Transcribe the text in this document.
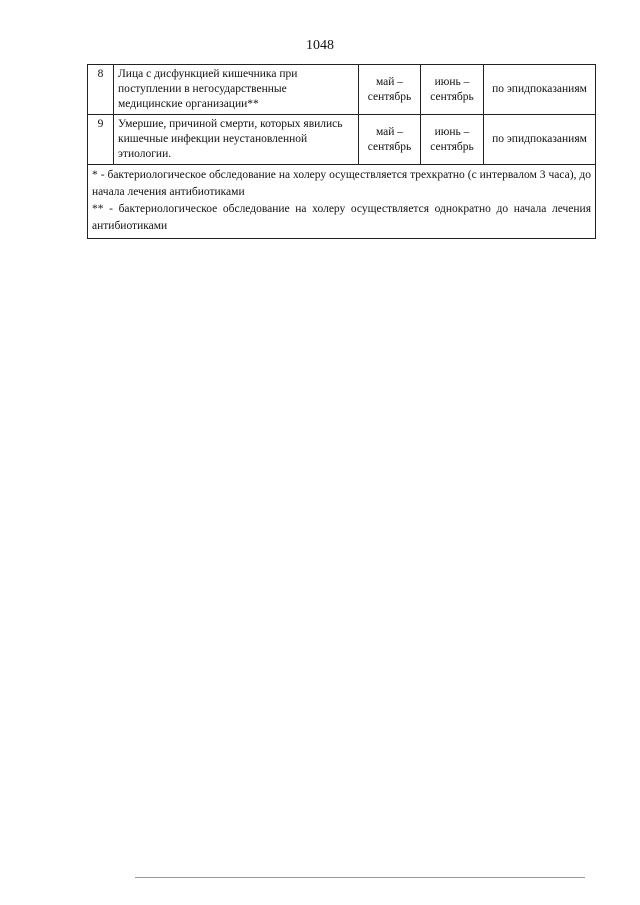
1048
8	Лица с дисфункцией кишечника при поступлении в негосударственные медицинские организации**	май – сентябрь	июнь – сентябрь	по эпидпоказаниям
9	Умершие, причиной смерти, которых явились кишечные инфекции неустановленной этиологии.	май – сентябрь	июнь – сентябрь	по эпидпоказаниям

* - бактериологическое обследование на холеру осуществляется трехкратно (с интервалом 3 часа), до начала лечения антибиотиками
** - бактериологическое обследование на холеру осуществляется однократно до начала лечения антибиотиками				
